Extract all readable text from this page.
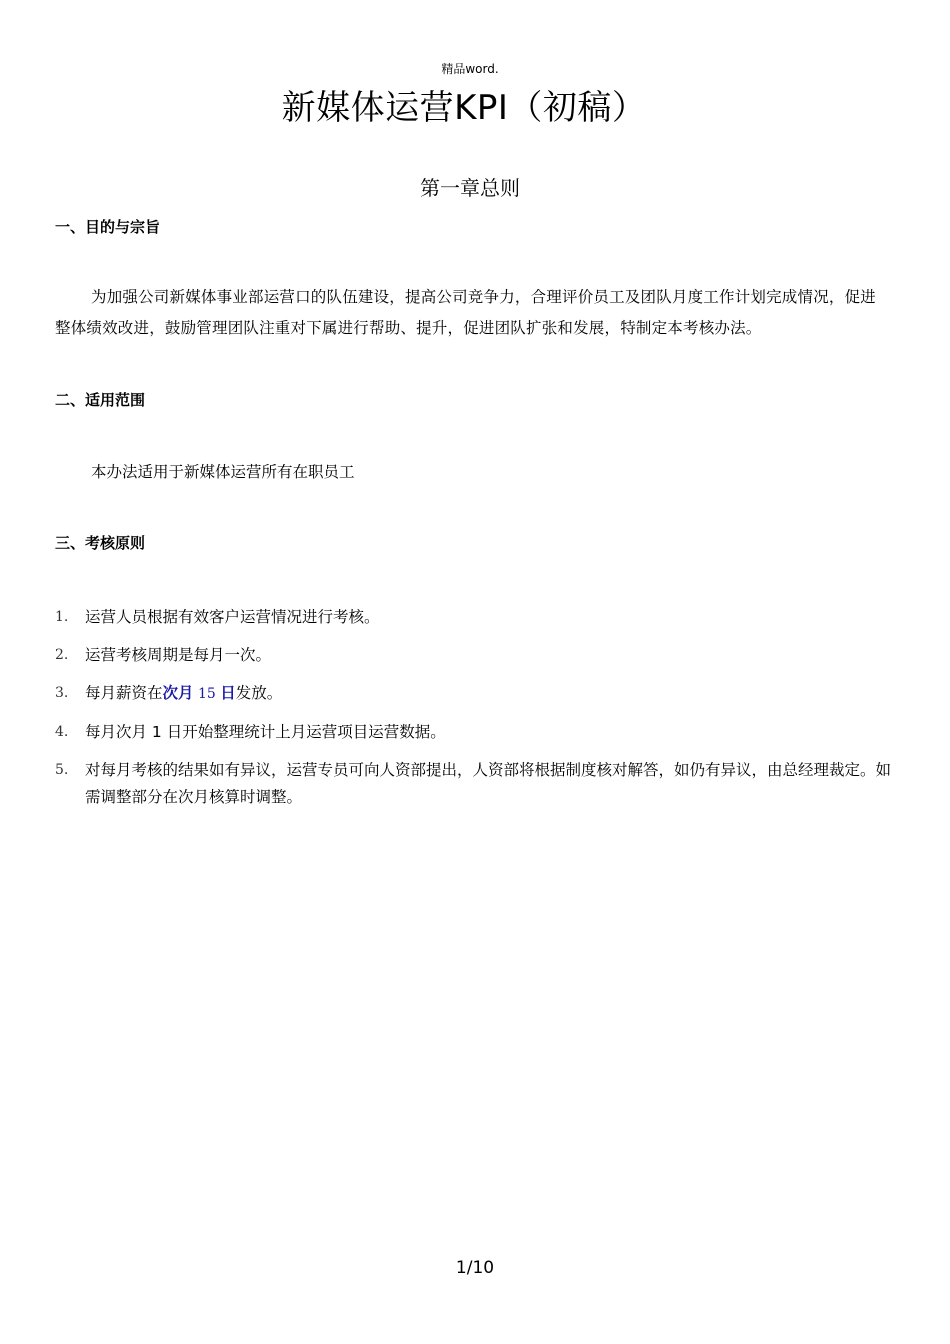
精品word.
新媒体运营KPI（初稿）
第一章总则
一、目的与宗旨

为加强公司新媒体事业部运营口的队伍建设，提高公司竞争力，合理评价员工及团队月度工作计划完成情况，促进整体绩效改进，鼓励管理团队注重对下属进行帮助、提升，促进团队扩张和发展，特制定本考核办法。

二、适用范围

本办法适用于新媒体运营所有在职员工

三、考核原则
1. 运营人员根据有效客户运营情况进行考核。
2. 运营考核周期是每月一次。
3. 每月薪资在次月 15 日发放。
4. 每月次月 1 日开始整理统计上月运营项目运营数据。
5. 对每月考核的结果如有异议，运营专员可向人资部提出，人资部将根据制度核对解答，如仍有异议，由总经理裁定。如需调整部分在次月核算时调整。
1/10
